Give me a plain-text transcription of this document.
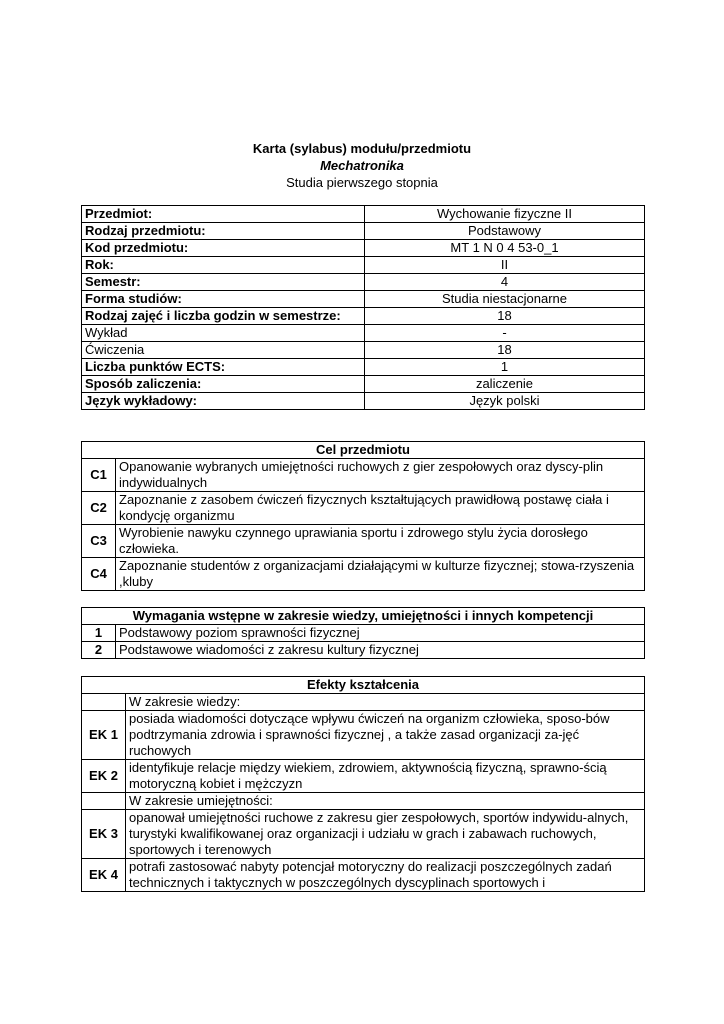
Karta (sylabus) modułu/przedmiotu
Mechatronika
Studia pierwszego stopnia
Przedmiot:	Wychowanie fizyczne II
Rodzaj przedmiotu:	Podstawowy
Kod przedmiotu:	MT 1 N 0 4 53-0_1
Rok:	II
Semestr:	4
Forma studiów:	Studia niestacjonarne
Rodzaj zajęć i liczba godzin w semestrze:	18
Wykład	-
Ćwiczenia	18
Liczba punktów ECTS:	1
Sposób zaliczenia:	zaliczenie
Język wykładowy:	Język polski
Cel przedmiotu	
C1	Opanowanie wybranych umiejętności ruchowych z gier zespołowych oraz dyscy-plin indywidualnych
C2	Zapoznanie z zasobem ćwiczeń fizycznych kształtujących prawidłową postawę ciała i kondycję organizmu
C3	Wyrobienie nawyku czynnego uprawiania sportu i zdrowego stylu życia dorosłego człowieka.
C4	Zapoznanie studentów z organizacjami działającymi w kulturze fizycznej; stowa-rzyszenia ,kluby
Wymagania wstępne w zakresie wiedzy, umiejętności i innych kompetencji	
1	Podstawowy poziom sprawności fizycznej
2	Podstawowe wiadomości z zakresu kultury fizycznej
Efekty kształcenia	
	W zakresie wiedzy:
EK 1	posiada wiadomości dotyczące wpływu ćwiczeń na organizm człowieka, sposo-bów podtrzymania zdrowia i sprawności fizycznej , a także zasad organizacji za-jęć ruchowych
EK 2	identyfikuje relacje między wiekiem, zdrowiem, aktywnością fizyczną, sprawno-ścią motoryczną kobiet i mężczyzn
	W zakresie umiejętności:
EK 3	opanował umiejętności ruchowe z zakresu gier zespołowych, sportów indywidu-alnych, turystyki kwalifikowanej oraz organizacji i udziału w grach i zabawach ruchowych, sportowych i terenowych
EK 4	potrafi zastosować nabyty potencjał motoryczny do realizacji poszczególnych zadań technicznych i taktycznych w poszczególnych dyscyplinach sportowych i
